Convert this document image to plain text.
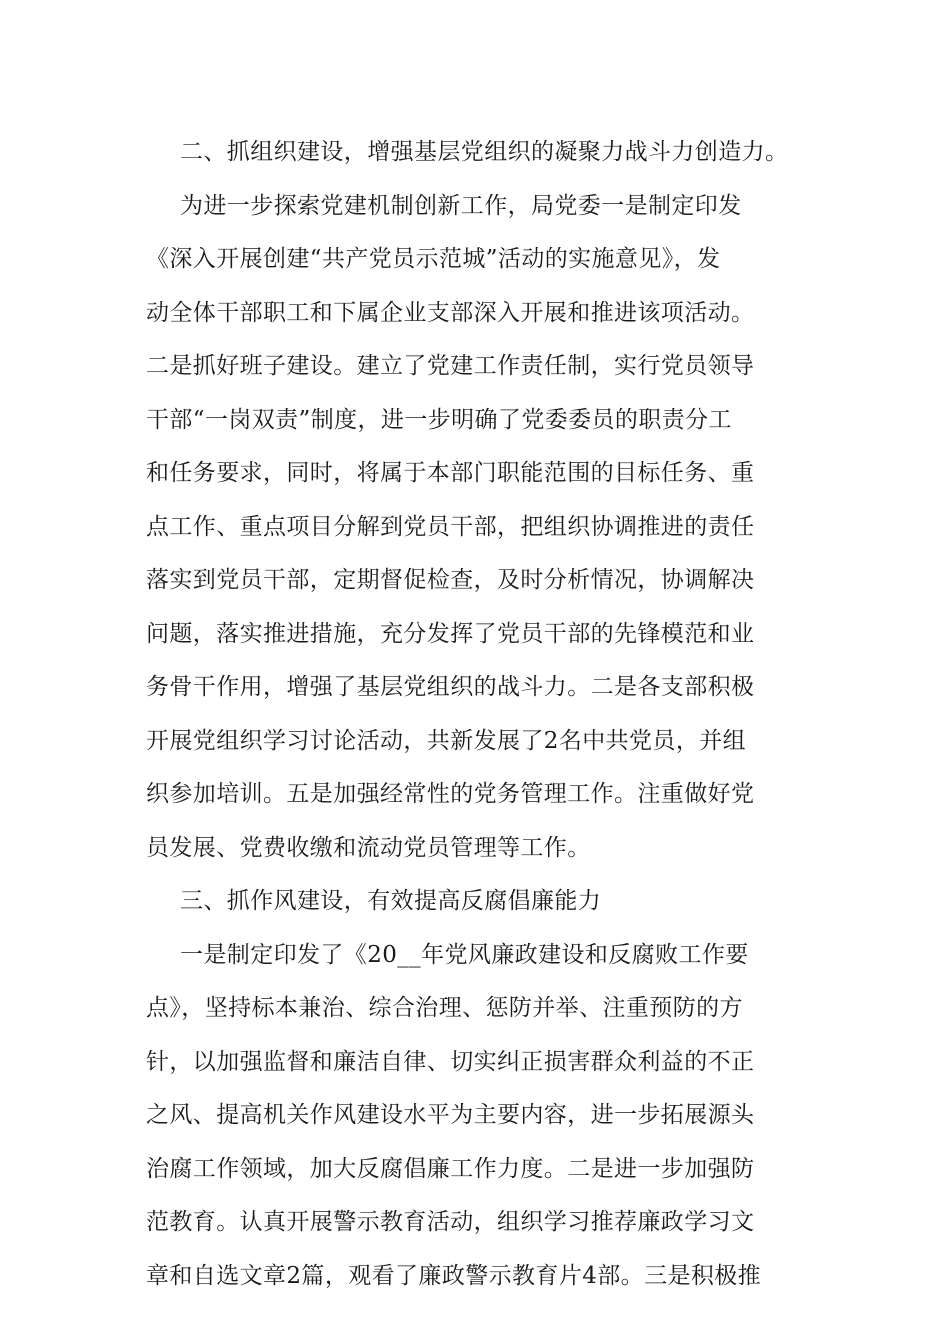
二、抓组织建设，增强基层党组织的凝聚力战斗力创造力。
为进一步探索党建机制创新工作，局党委一是制定印发
《深入开展创建“共产党员示范城”活动的实施意见》，发
动全体干部职工和下属企业支部深入开展和推进该项活动。
二是抓好班子建设。建立了党建工作责任制，实行党员领导
干部“一岗双责”制度，进一步明确了党委委员的职责分工
和任务要求，同时，将属于本部门职能范围的目标任务、重
点工作、重点项目分解到党员干部，把组织协调推进的责任
落实到党员干部，定期督促检查，及时分析情况，协调解决
问题，落实推进措施，充分发挥了党员干部的先锋模范和业
务骨干作用，增强了基层党组织的战斗力。二是各支部积极
开展党组织学习讨论活动，共新发展了2名中共党员，并组
织参加培训。五是加强经常性的党务管理工作。注重做好党
员发展、党费收缴和流动党员管理等工作。
三、抓作风建设，有效提高反腐倡廉能力
一是制定印发了《20__年党风廉政建设和反腐败工作要
点》，坚持标本兼治、综合治理、惩防并举、注重预防的方
针，以加强监督和廉洁自律、切实纠正损害群众利益的不正
之风、提高机关作风建设水平为主要内容，进一步拓展源头
治腐工作领域，加大反腐倡廉工作力度。二是进一步加强防
范教育。认真开展警示教育活动，组织学习推荐廉政学习文
章和自选文章2篇，观看了廉政警示教育片4部。三是积极推
